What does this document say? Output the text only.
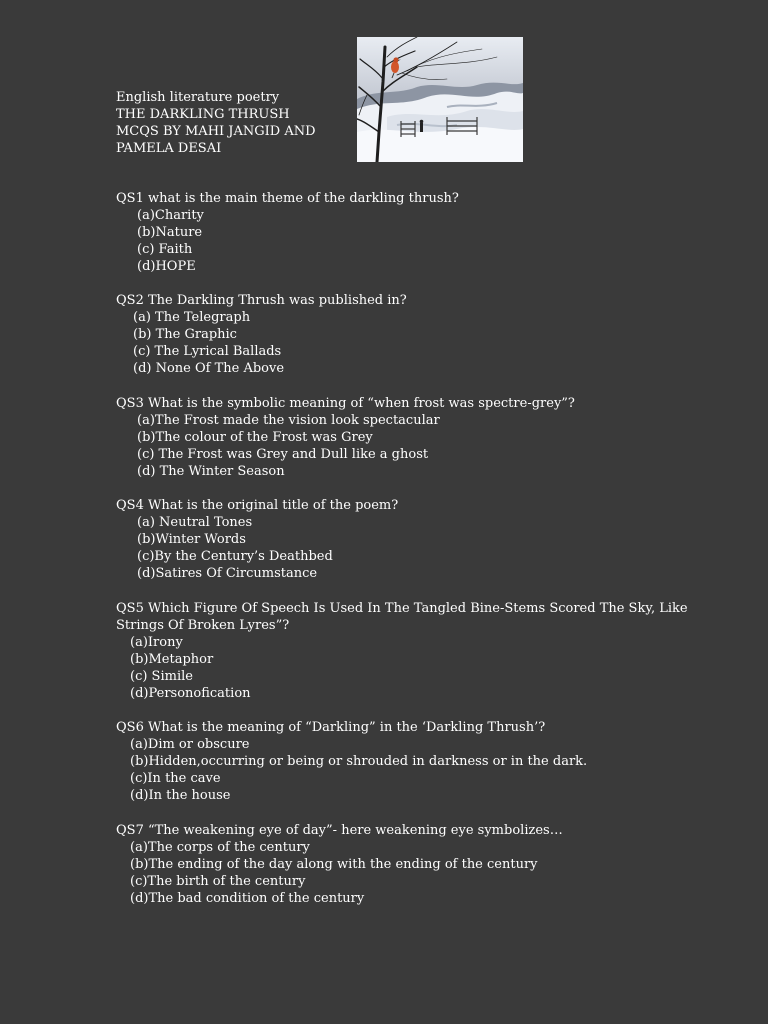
English literature poetry
THE DARKLING THRUSH
MCQS BY MAHI JANGID AND
PAMELA DESAI
QS1 what is the main theme of the darkling thrush?
(a)Charity
(b)Nature
(c) Faith
(d)HOPE
QS2 The Darkling Thrush was published in?
(a) The Telegraph
(b) The Graphic
(c) The Lyrical Ballads
(d) None Of The Above
QS3 What is the symbolic meaning of “when frost was spectre-grey”?
(a)The Frost made the vision look spectacular
(b)The colour of the Frost was Grey
(c) The Frost was Grey and Dull like a ghost
(d) The Winter Season
QS4 What is the original title of the poem?
(a) Neutral Tones
(b)Winter Words
(c)By the Century’s Deathbed
(d)Satires Of Circumstance
QS5 Which Figure Of Speech Is Used In The Tangled Bine-Stems Scored The Sky, Like Strings Of Broken Lyres”?
(a)Irony
(b)Metaphor
(c) Simile
(d)Personofication
QS6 What is the meaning of “Darkling” in the ‘Darkling Thrush’?
(a)Dim or obscure
(b)Hidden,occurring or being or shrouded in darkness or in the dark.
(c)In the cave
(d)In the house
QS7 “The weakening eye of day”- here weakening eye symbolizes…
(a)The corps of the century
(b)The ending of the day along with the ending of the century
(c)The birth of the century
(d)The bad condition of the century
